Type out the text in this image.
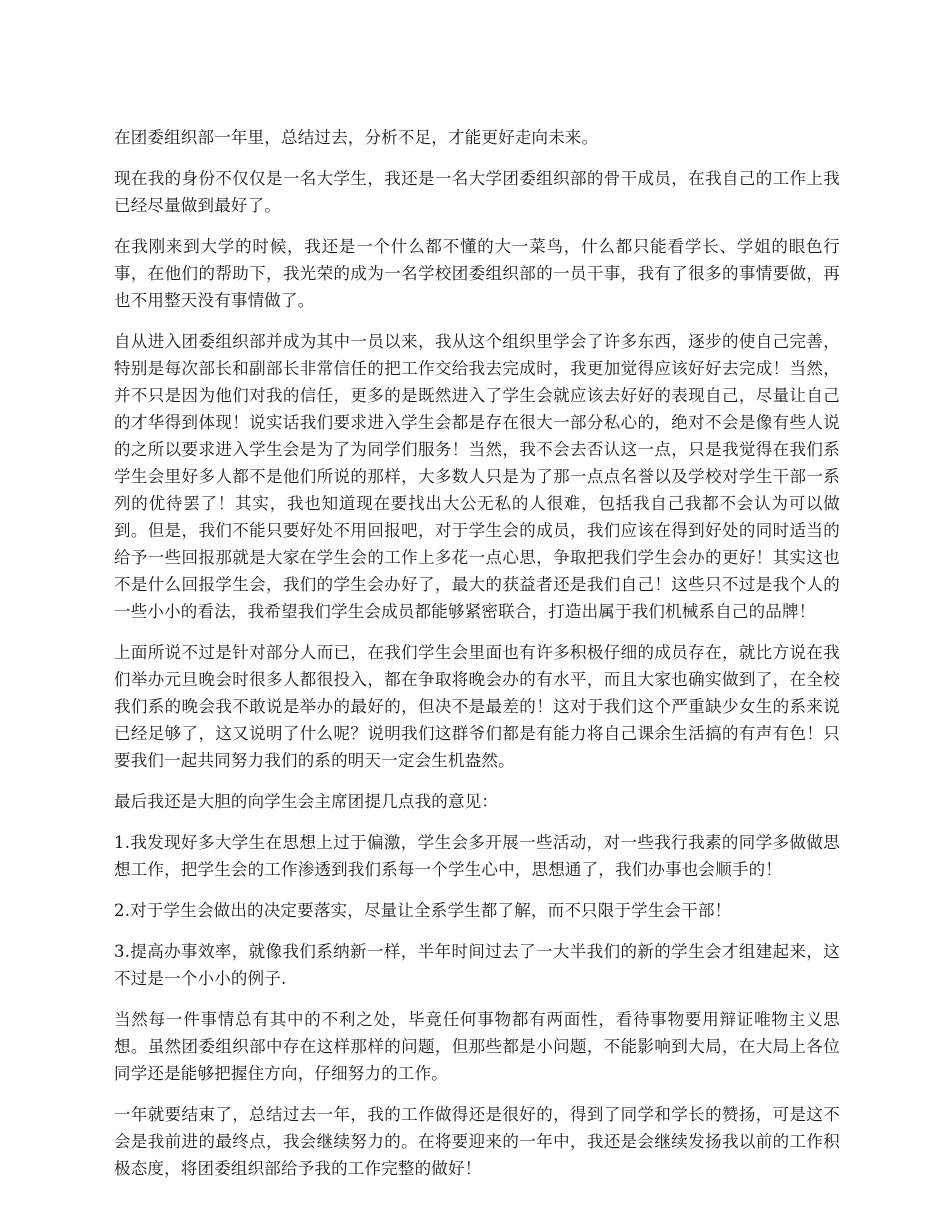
在团委组织部一年里，总结过去，分析不足，才能更好走向未来。

现在我的身份不仅仅是一名大学生，我还是一名大学团委组织部的骨干成员，在我自己的工作上我已经尽量做到最好了。

在我刚来到大学的时候，我还是一个什么都不懂的大一菜鸟，什么都只能看学长、学姐的眼色行事，在他们的帮助下，我光荣的成为一名学校团委组织部的一员干事，我有了很多的事情要做，再也不用整天没有事情做了。

自从进入团委组织部并成为其中一员以来，我从这个组织里学会了许多东西，逐步的使自己完善，特别是每次部长和副部长非常信任的把工作交给我去完成时，我更加觉得应该好好去完成！当然，并不只是因为他们对我的信任，更多的是既然进入了学生会就应该去好好的表现自己，尽量让自己的才华得到体现！说实话我们要求进入学生会都是存在很大一部分私心的，绝对不会是像有些人说的之所以要求进入学生会是为了为同学们服务！当然，我不会去否认这一点，只是我觉得在我们系学生会里好多人都不是他们所说的那样，大多数人只是为了那一点点名誉以及学校对学生干部一系列的优待罢了！其实，我也知道现在要找出大公无私的人很难，包括我自己我都不会认为可以做到。但是，我们不能只要好处不用回报吧，对于学生会的成员，我们应该在得到好处的同时适当的给予一些回报那就是大家在学生会的工作上多花一点心思，争取把我们学生会办的更好！其实这也不是什么回报学生会，我们的学生会办好了，最大的获益者还是我们自己！这些只不过是我个人的一些小小的看法，我希望我们学生会成员都能够紧密联合，打造出属于我们机械系自己的品牌！

上面所说不过是针对部分人而已，在我们学生会里面也有许多积极仔细的成员存在，就比方说在我们举办元旦晚会时很多人都很投入，都在争取将晚会办的有水平，而且大家也确实做到了，在全校我们系的晚会我不敢说是举办的最好的，但决不是最差的！这对于我们这个严重缺少女生的系来说已经足够了，这又说明了什么呢？说明我们这群爷们都是有能力将自己课余生活搞的有声有色！只要我们一起共同努力我们的系的明天一定会生机盎然。

最后我还是大胆的向学生会主席团提几点我的意见：

1.我发现好多大学生在思想上过于偏激，学生会多开展一些活动，对一些我行我素的同学多做做思想工作，把学生会的工作渗透到我们系每一个学生心中，思想通了，我们办事也会顺手的！

2.对于学生会做出的决定要落实，尽量让全系学生都了解，而不只限于学生会干部！

3.提高办事效率，就像我们系纳新一样，半年时间过去了一大半我们的新的学生会才组建起来，这不过是一个小小的例子.

当然每一件事情总有其中的不利之处，毕竟任何事物都有两面性，看待事物要用辩证唯物主义思想。虽然团委组织部中存在这样那样的问题，但那些都是小问题，不能影响到大局，在大局上各位同学还是能够把握住方向，仔细努力的工作。

一年就要结束了，总结过去一年，我的工作做得还是很好的，得到了同学和学长的赞扬，可是这不会是我前进的最终点，我会继续努力的。在将要迎来的一年中，我还是会继续发扬我以前的工作积极态度，将团委组织部给予我的工作完整的做好！
